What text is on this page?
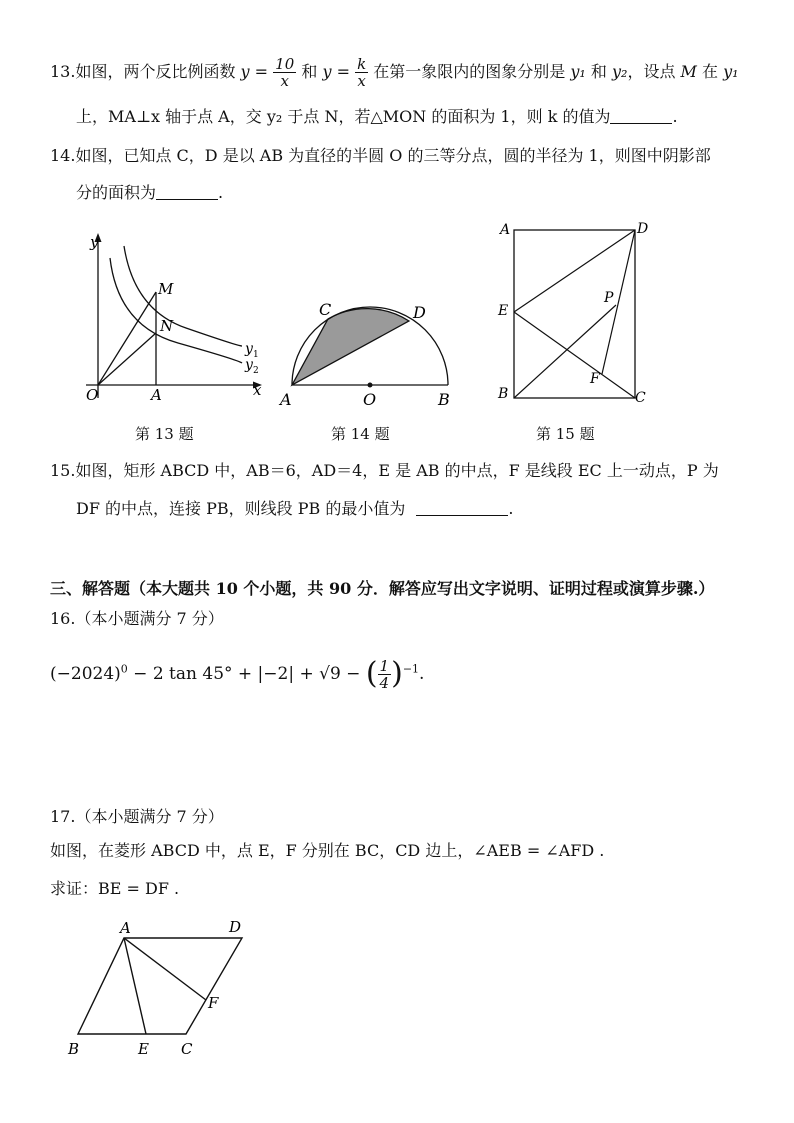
13.如图，两个反比例函数 $y = \frac{10}{x}$ 和 $y = \frac{k}{x}$ 在第一象限内的图象分别是 y₁ 和 y₂，设点 M 在 y₁
上，MA⊥x 轴于点 A，交 y₂ 于点 N，若△MON 的面积为 1，则 k 的值为	.
14.如图，已知点 C，D 是以 AB 为直径的半圆 O 的三等分点，圆的半径为 1，则图中阴影部
分的面积为	.
y
x
O	A
M
N
y 1
y 2
A	O	B
C	D
A	D
E
B	C
P
F
第 13 题	第 14 题	第 15 题
15.如图，矩形 ABCD 中，AB＝6，AD＝4，E 是 AB 的中点，F 是线段 EC 上一动点，P 为
DF 的中点，连接 PB，则线段 PB 的最小值为	.
三、解答题（本大题共 10 个小题，共 90 分．解答应写出文字说明、证明过程或演算步骤.）
16.（本小题满分 7 分）
$(-2024)^0 - 2$ tan 45° + |−2| + √9 − ( $\frac{1}{4} )^{-1}$.
17.（本小题满分 7 分）
如图，在菱形 ABCD 中，点 E，F 分别在 BC，CD 边上，∠AEB = ∠AFD .
求证：BE = DF .
A	D
F
B	E C
